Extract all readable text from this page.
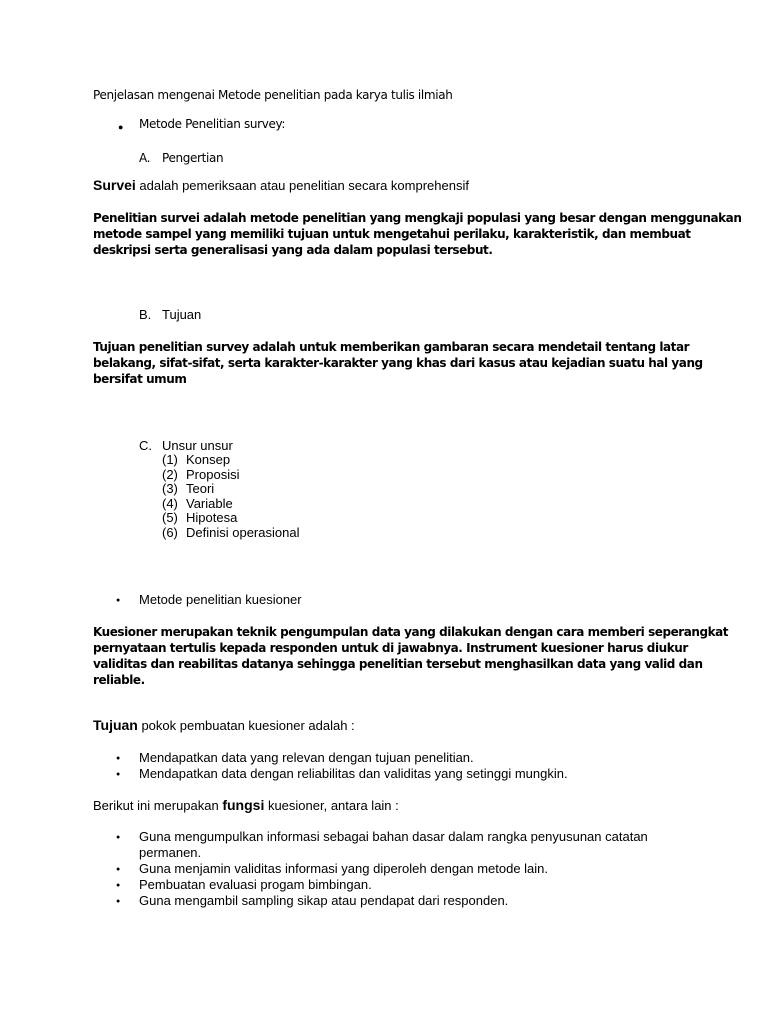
Penjelasan mengenai Metode penelitian pada karya tulis ilmiah
● Metode Penelitian survey:
A. Pengertian
Survei adalah pemeriksaan atau penelitian secara komprehensif
Penelitian survei adalah metode penelitian yang mengkaji populasi yang besar dengan menggunakan
metode sampel yang memiliki tujuan untuk mengetahui perilaku, karakteristik, dan membuat
deskripsi serta generalisasi yang ada dalam populasi tersebut.
B. Tujuan
Tujuan penelitian survey adalah untuk memberikan gambaran secara mendetail tentang latar
belakang, sifat-sifat, serta karakter-karakter yang khas dari kasus atau kejadian suatu hal yang
bersifat umum
C. Unsur unsur
(1) Konsep
(2) Proposisi
(3) Teori
(4) Variable
(5) Hipotesa
(6) Definisi operasional
● Metode penelitian kuesioner
Kuesioner merupakan teknik pengumpulan data yang dilakukan dengan cara memberi seperangkat
pernyataan tertulis kepada responden untuk di jawabnya. Instrument kuesioner harus diukur
validitas dan reabilitas datanya sehingga penelitian tersebut menghasilkan data yang valid dan
reliable.
Tujuan pokok pembuatan kuesioner adalah :
● Mendapatkan data yang relevan dengan tujuan penelitian.
● Mendapatkan data dengan reliabilitas dan validitas yang setinggi mungkin.
Berikut ini merupakan fungsi kuesioner, antara lain :
● Guna mengumpulkan informasi sebagai bahan dasar dalam rangka penyusunan catatan
permanen.
● Guna menjamin validitas informasi yang diperoleh dengan metode lain.
● Pembuatan evaluasi progam bimbingan.
● Guna mengambil sampling sikap atau pendapat dari responden.
